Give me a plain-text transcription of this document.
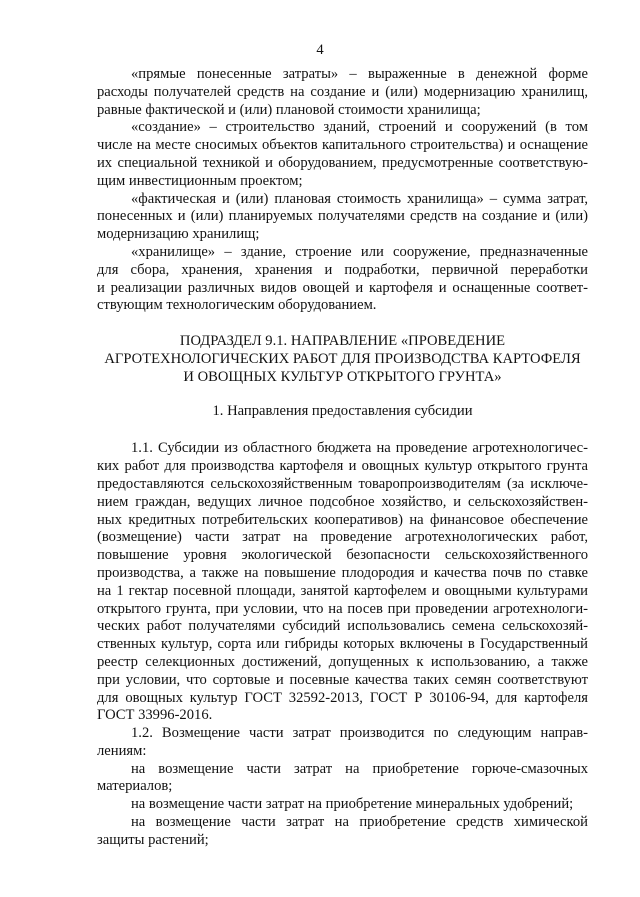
4
«прямые понесенные затраты» – выраженные в денежной форме
расходы получателей средств на создание и (или) модернизацию хранилищ,
равные фактической и (или) плановой стоимости хранилища;
«создание» – строительство зданий, строений и сооружений (в том
числе на месте сносимых объектов капитального строительства) и оснащение
их специальной техникой и оборудованием, предусмотренные соответствую-
щим инвестиционным проектом;
«фактическая и (или) плановая стоимость хранилища» – сумма затрат,
понесенных и (или) планируемых получателями средств на создание и (или)
модернизацию хранилищ;
«хранилище» – здание, строение или сооружение, предназначенные
для сбора, хранения, хранения и подработки, первичной переработки
и реализации различных видов овощей и картофеля и оснащенные соответ-
ствующим технологическим оборудованием.
ПОДРАЗДЕЛ 9.1. НАПРАВЛЕНИЕ «ПРОВЕДЕНИЕ
АГРОТЕХНОЛОГИЧЕСКИХ РАБОТ ДЛЯ ПРОИЗВОДСТВА КАРТОФЕЛЯ
И ОВОЩНЫХ КУЛЬТУР ОТКРЫТОГО ГРУНТА»
1. Направления предоставления субсидии
1.1. Субсидии из областного бюджета на проведение агротехнологичес-
ких работ для производства картофеля и овощных культур открытого грунта
предоставляются сельскохозяйственным товаропроизводителям (за исключе-
нием граждан, ведущих личное подсобное хозяйство, и сельскохозяйствен-
ных кредитных потребительских кооперативов) на финансовое обеспечение
(возмещение) части затрат на проведение агротехнологических работ,
повышение уровня экологической безопасности сельскохозяйственного
производства, а также на повышение плодородия и качества почв по ставке
на 1 гектар посевной площади, занятой картофелем и овощными культурами
открытого грунта, при условии, что на посев при проведении агротехнологи-
ческих работ получателями субсидий использовались семена сельскохозяй-
ственных культур, сорта или гибриды которых включены в Государственный
реестр селекционных достижений, допущенных к использованию, а также
при условии, что сортовые и посевные качества таких семян соответствуют
для овощных культур ГОСТ 32592-2013, ГОСТ Р 30106-94, для картофеля
ГОСТ 33996-2016.
1.2. Возмещение части затрат производится по следующим направ-
лениям:
на возмещение части затрат на приобретение горюче-смазочных
материалов;
на возмещение части затрат на приобретение минеральных удобрений;
на возмещение части затрат на приобретение средств химической
защиты растений;
